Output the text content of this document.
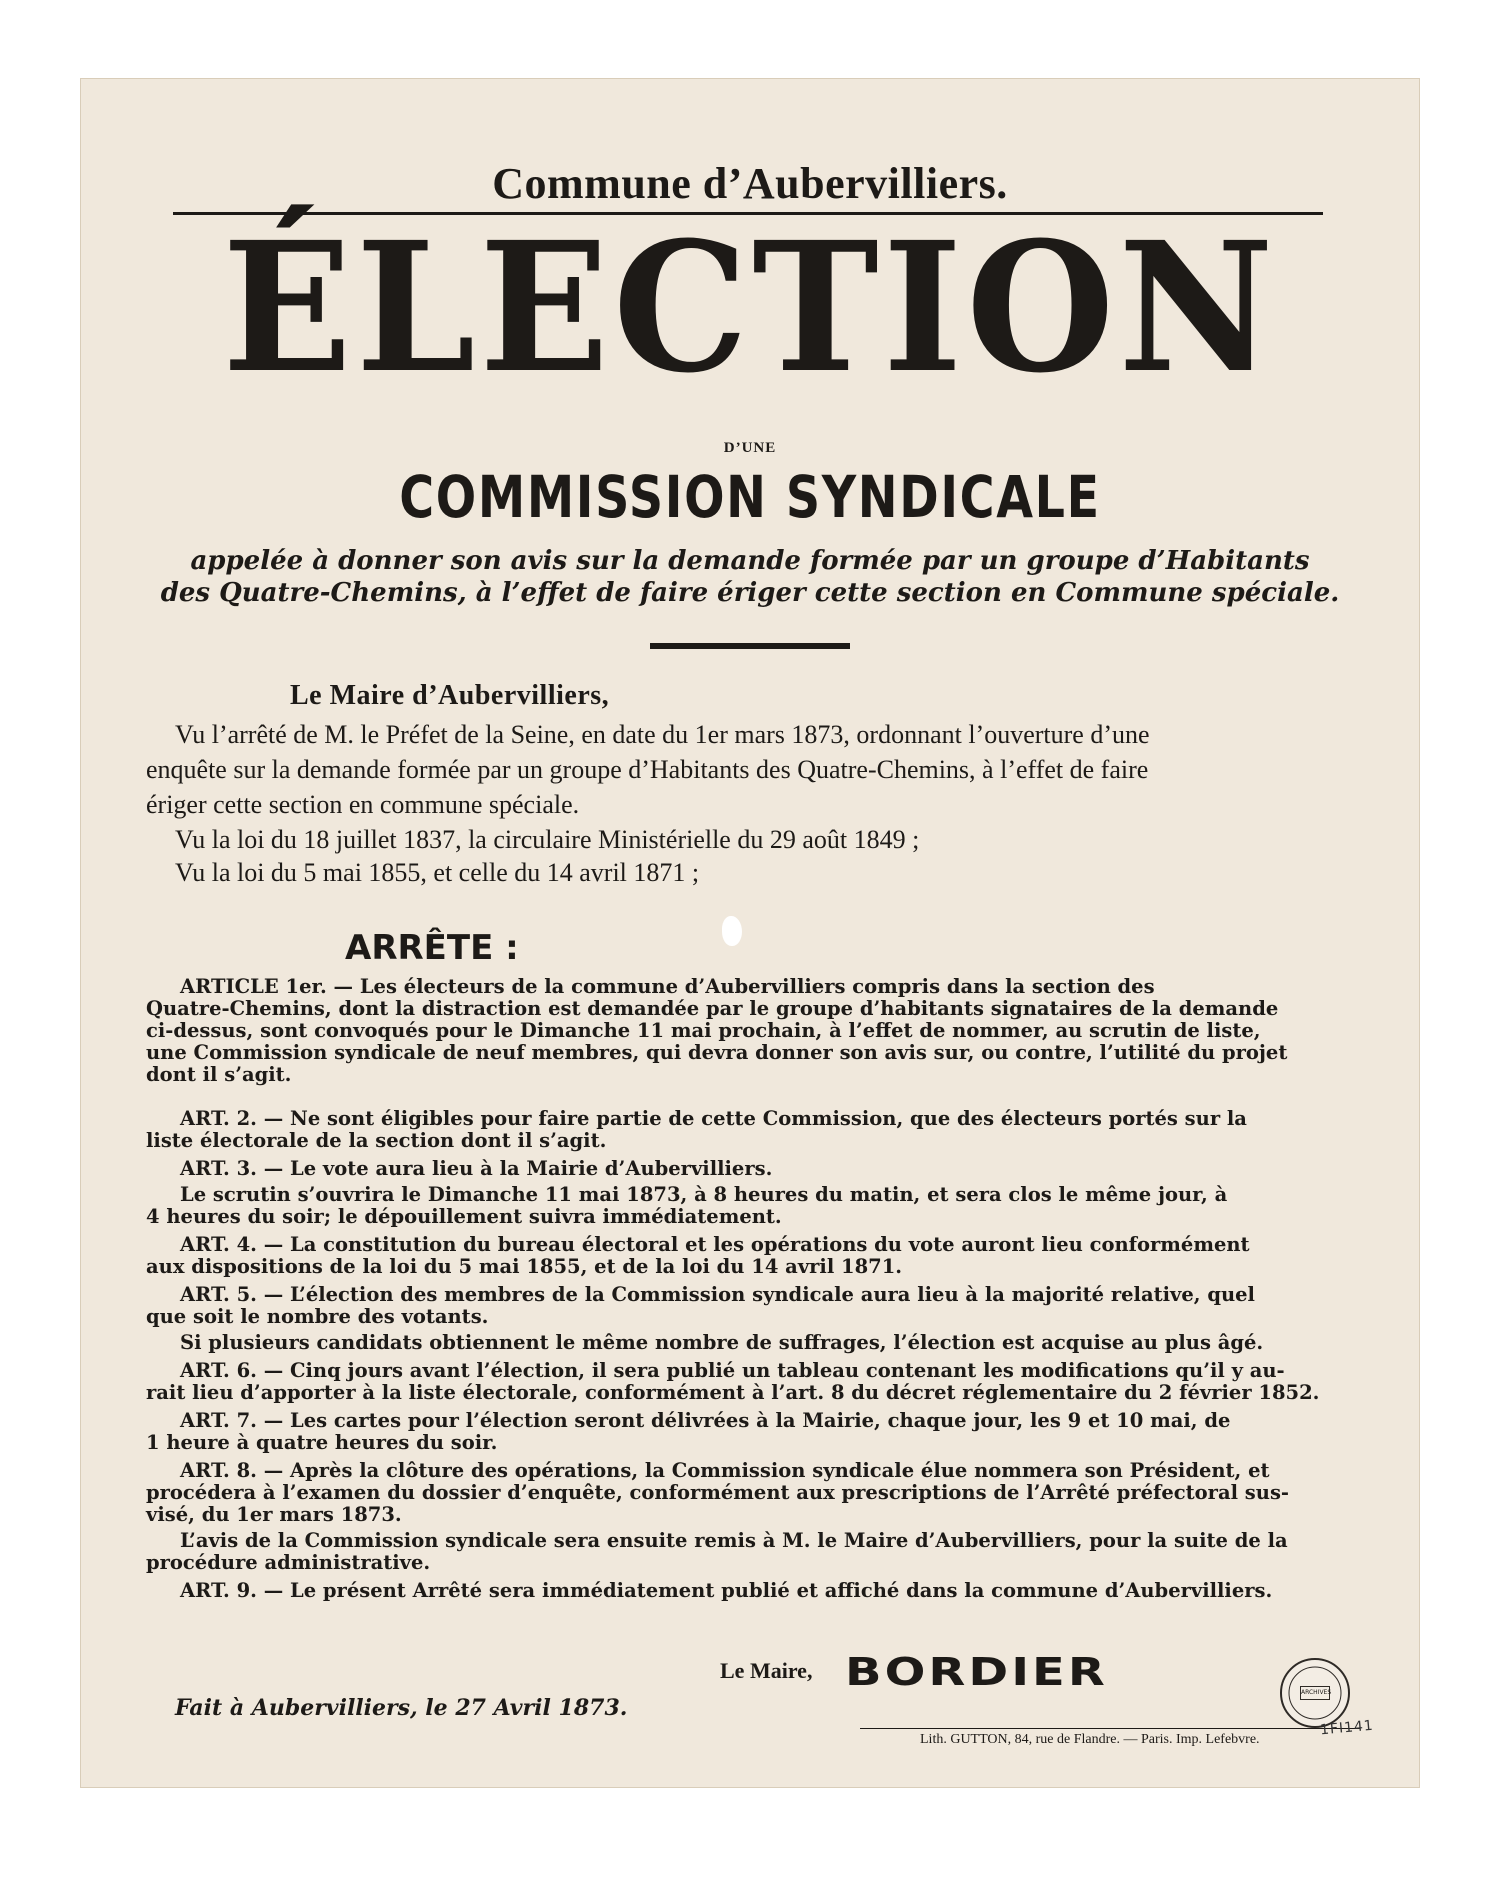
Commune d’Aubervilliers.
ÉLECTION
D’UNE
COMMISSION SYNDICALE
appelée à donner son avis sur la demande formée par un groupe d’Habitants
des Quatre-Chemins, à l’effet de faire ériger cette section en Commune spéciale.
Le Maire d’Aubervilliers,
Vu l’arrêté de M. le Préfet de la Seine, en date du 1er mars 1873, ordonnant l’ouverture d’une
enquête sur la demande formée par un groupe d’Habitants des Quatre-Chemins, à l’effet de faire
ériger cette section en commune spéciale.
Vu la loi du 18 juillet 1837, la circulaire Ministérielle du 29 août 1849 ;
Vu la loi du 5 mai 1855, et celle du 14 avril 1871 ;
ARRÊTE :
ARTICLE 1er. — Les électeurs de la commune d’Aubervilliers compris dans la section des
Quatre-Chemins, dont la distraction est demandée par le groupe d’habitants signataires de la demande
ci-dessus, sont convoqués pour le Dimanche 11 mai prochain, à l’effet de nommer, au scrutin de liste,
une Commission syndicale de neuf membres, qui devra donner son avis sur, ou contre, l’utilité du projet
dont il s’agit.
ART. 2. — Ne sont éligibles pour faire partie de cette Commission, que des électeurs portés sur la
liste électorale de la section dont il s’agit.
ART. 3. — Le vote aura lieu à la Mairie d’Aubervilliers.
Le scrutin s’ouvrira le Dimanche 11 mai 1873, à 8 heures du matin, et sera clos le même jour, à
4 heures du soir; le dépouillement suivra immédiatement.
ART. 4. — La constitution du bureau électoral et les opérations du vote auront lieu conformément
aux dispositions de la loi du 5 mai 1855, et de la loi du 14 avril 1871.
ART. 5. — L’élection des membres de la Commission syndicale aura lieu à la majorité relative, quel
que soit le nombre des votants.
Si plusieurs candidats obtiennent le même nombre de suffrages, l’élection est acquise au plus âgé.
ART. 6. — Cinq jours avant l’élection, il sera publié un tableau contenant les modifications qu’il y au-
rait lieu d’apporter à la liste électorale, conformément à l’art. 8 du décret réglementaire du 2 février 1852.
ART. 7. — Les cartes pour l’élection seront délivrées à la Mairie, chaque jour, les 9 et 10 mai, de
1 heure à quatre heures du soir.
ART. 8. — Après la clôture des opérations, la Commission syndicale élue nommera son Président, et
procédera à l’examen du dossier d’enquête, conformément aux prescriptions de l’Arrêté préfectoral sus-
visé, du 1er mars 1873.
L’avis de la Commission syndicale sera ensuite remis à M. le Maire d’Aubervilliers, pour la suite de la
procédure administrative.
ART. 9. — Le présent Arrêté sera immédiatement publié et affiché dans la commune d’Aubervilliers.
Le Maire, BORDIER	ARCHIVES
Fait à Aubervilliers, le 27 Avril 1873.
Lith. GUTTON, 84, rue de Flandre. — Paris. Imp. Lefebvre.
1FI141
